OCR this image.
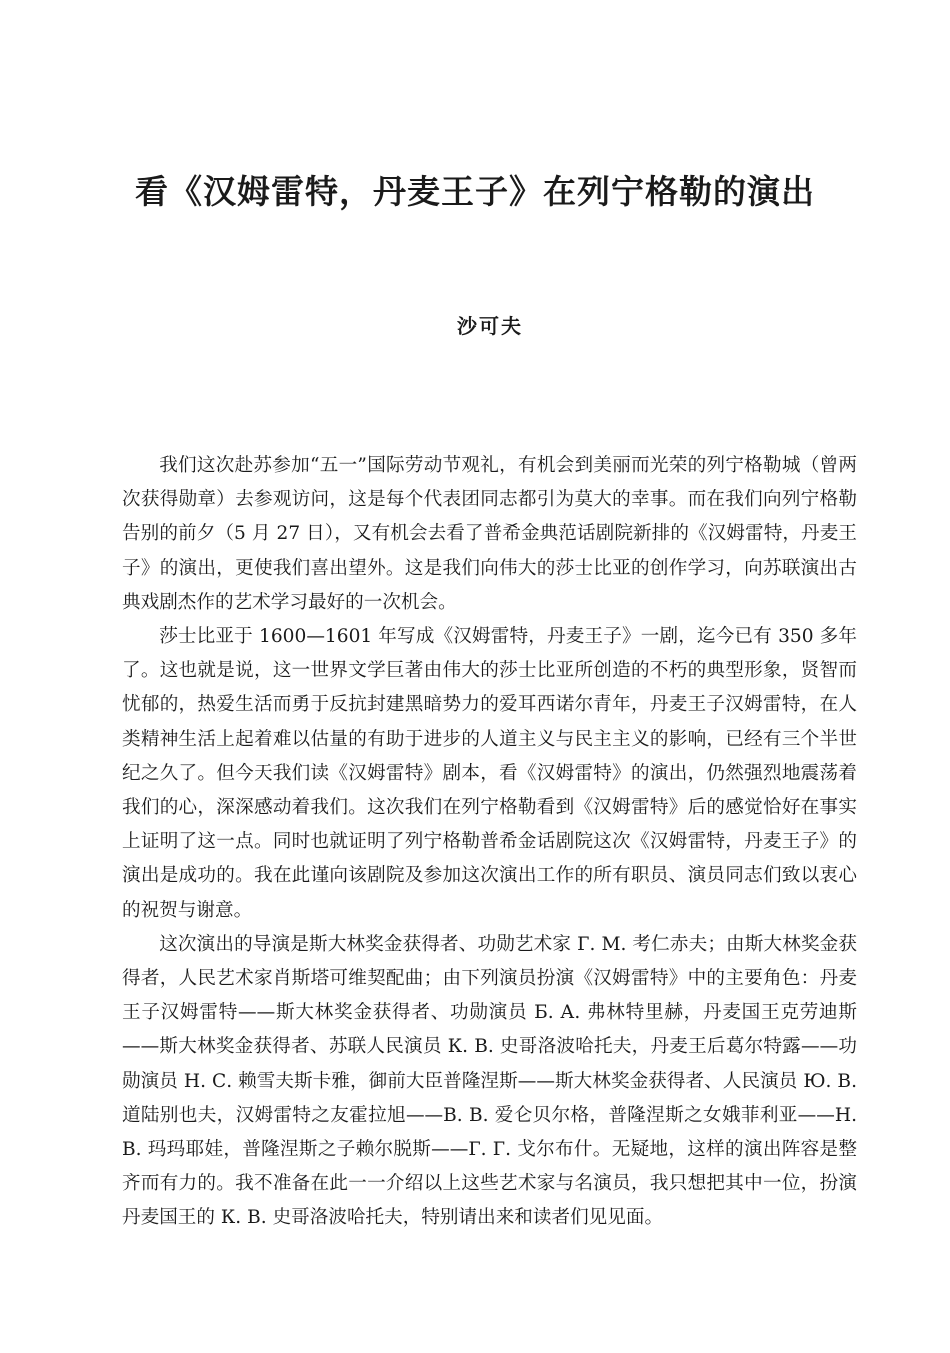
看《汉姆雷特，丹麦王子》在列宁格勒的演出
沙可夫

我们这次赴苏参加“五一”国际劳动节观礼，有机会到美丽而光荣的列宁格勒城（曾两次获得勋章）去参观访问，这是每个代表团同志都引为莫大的幸事。而在我们向列宁格勒告别的前夕（5 月 27 日），又有机会去看了普希金典范话剧院新排的《汉姆雷特，丹麦王子》的演出，更使我们喜出望外。这是我们向伟大的莎士比亚的创作学习，向苏联演出古典戏剧杰作的艺术学习最好的一次机会。

莎士比亚于 1600—1601 年写成《汉姆雷特，丹麦王子》一剧，迄今已有 350 多年了。这也就是说，这一世界文学巨著由伟大的莎士比亚所创造的不朽的典型形象，贤智而忧郁的，热爱生活而勇于反抗封建黑暗势力的爱耳西诺尔青年，丹麦王子汉姆雷特，在人类精神生活上起着难以估量的有助于进步的人道主义与民主主义的影响，已经有三个半世纪之久了。但今天我们读《汉姆雷特》剧本，看《汉姆雷特》的演出，仍然强烈地震荡着我们的心，深深感动着我们。这次我们在列宁格勒看到《汉姆雷特》后的感觉恰好在事实上证明了这一点。同时也就证明了列宁格勒普希金话剧院这次《汉姆雷特，丹麦王子》的演出是成功的。我在此谨向该剧院及参加这次演出工作的所有职员、演员同志们致以衷心的祝贺与谢意。

这次演出的导演是斯大林奖金获得者、功勋艺术家 Г. М. 考仁赤夫；由斯大林奖金获得者，人民艺术家肖斯塔可维契配曲；由下列演员扮演《汉姆雷特》中的主要角色：丹麦王子汉姆雷特——斯大林奖金获得者、功勋演员 Б. А. 弗林特里赫，丹麦国王克劳迪斯——斯大林奖金获得者、苏联人民演员 К. В. 史哥洛波哈托夫，丹麦王后葛尔特露——功勋演员 Н. С. 赖雪夫斯卡雅，御前大臣普隆涅斯——斯大林奖金获得者、人民演员 Ю. В. 道陆别也夫，汉姆雷特之友霍拉旭——В. В. 爱仑贝尔格，普隆涅斯之女娥菲利亚——Н. В. 玛玛耶娃，普隆涅斯之子赖尔脱斯——Г. Г. 戈尔布什。无疑地，这样的演出阵容是整齐而有力的。我不准备在此一一介绍以上这些艺术家与名演员，我只想把其中一位，扮演丹麦国王的 К. В. 史哥洛波哈托夫，特别请出来和读者们见见面。
